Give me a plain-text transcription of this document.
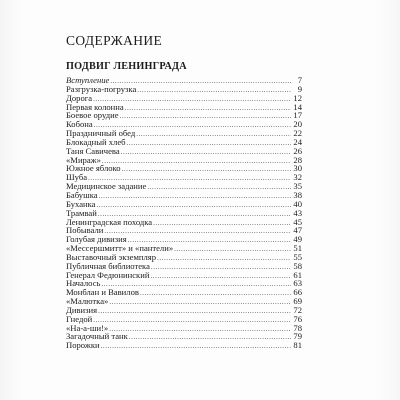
СОДЕРЖАНИЕ
ПОДВИГ ЛЕНИНГРАДА
Вступление . . .	7
Разгрузка-погрузка . . .	9
Дорога . . .	12
Первая колонна . . .	14
Боевое орудие . . .	17
Кобона . . .	20
Праздничный обед . . .	22
Блокадный хлеб . . .	24
Таня Савичева . . .	26
«Мираж» . . .	28
Южное яблоко . . .	30
Шуба . . .	32
Медицинское задание . . .	35
Бабушка . . .	38
Буханка . . .	40
Трамвай . . .	43
Ленинградская походка . . .	45
Побывали . . .	47
Голубая дивизия . . .	49
«Мессершмитт» и «пантели» . . .	51
Выставочный экземпляр . . .	55
Публичная библиотека . . .	58
Генерал Федюнинский . . .	61
Началось . . .	63
Монблан и Вавилов . . .	66
«Малютка» . . .	69
Дивизия . . .	72
Гнедой . . .	76
«На-а-ши!» . . .	78
Загадочный танк . . .	79
Порожки . . .	81
